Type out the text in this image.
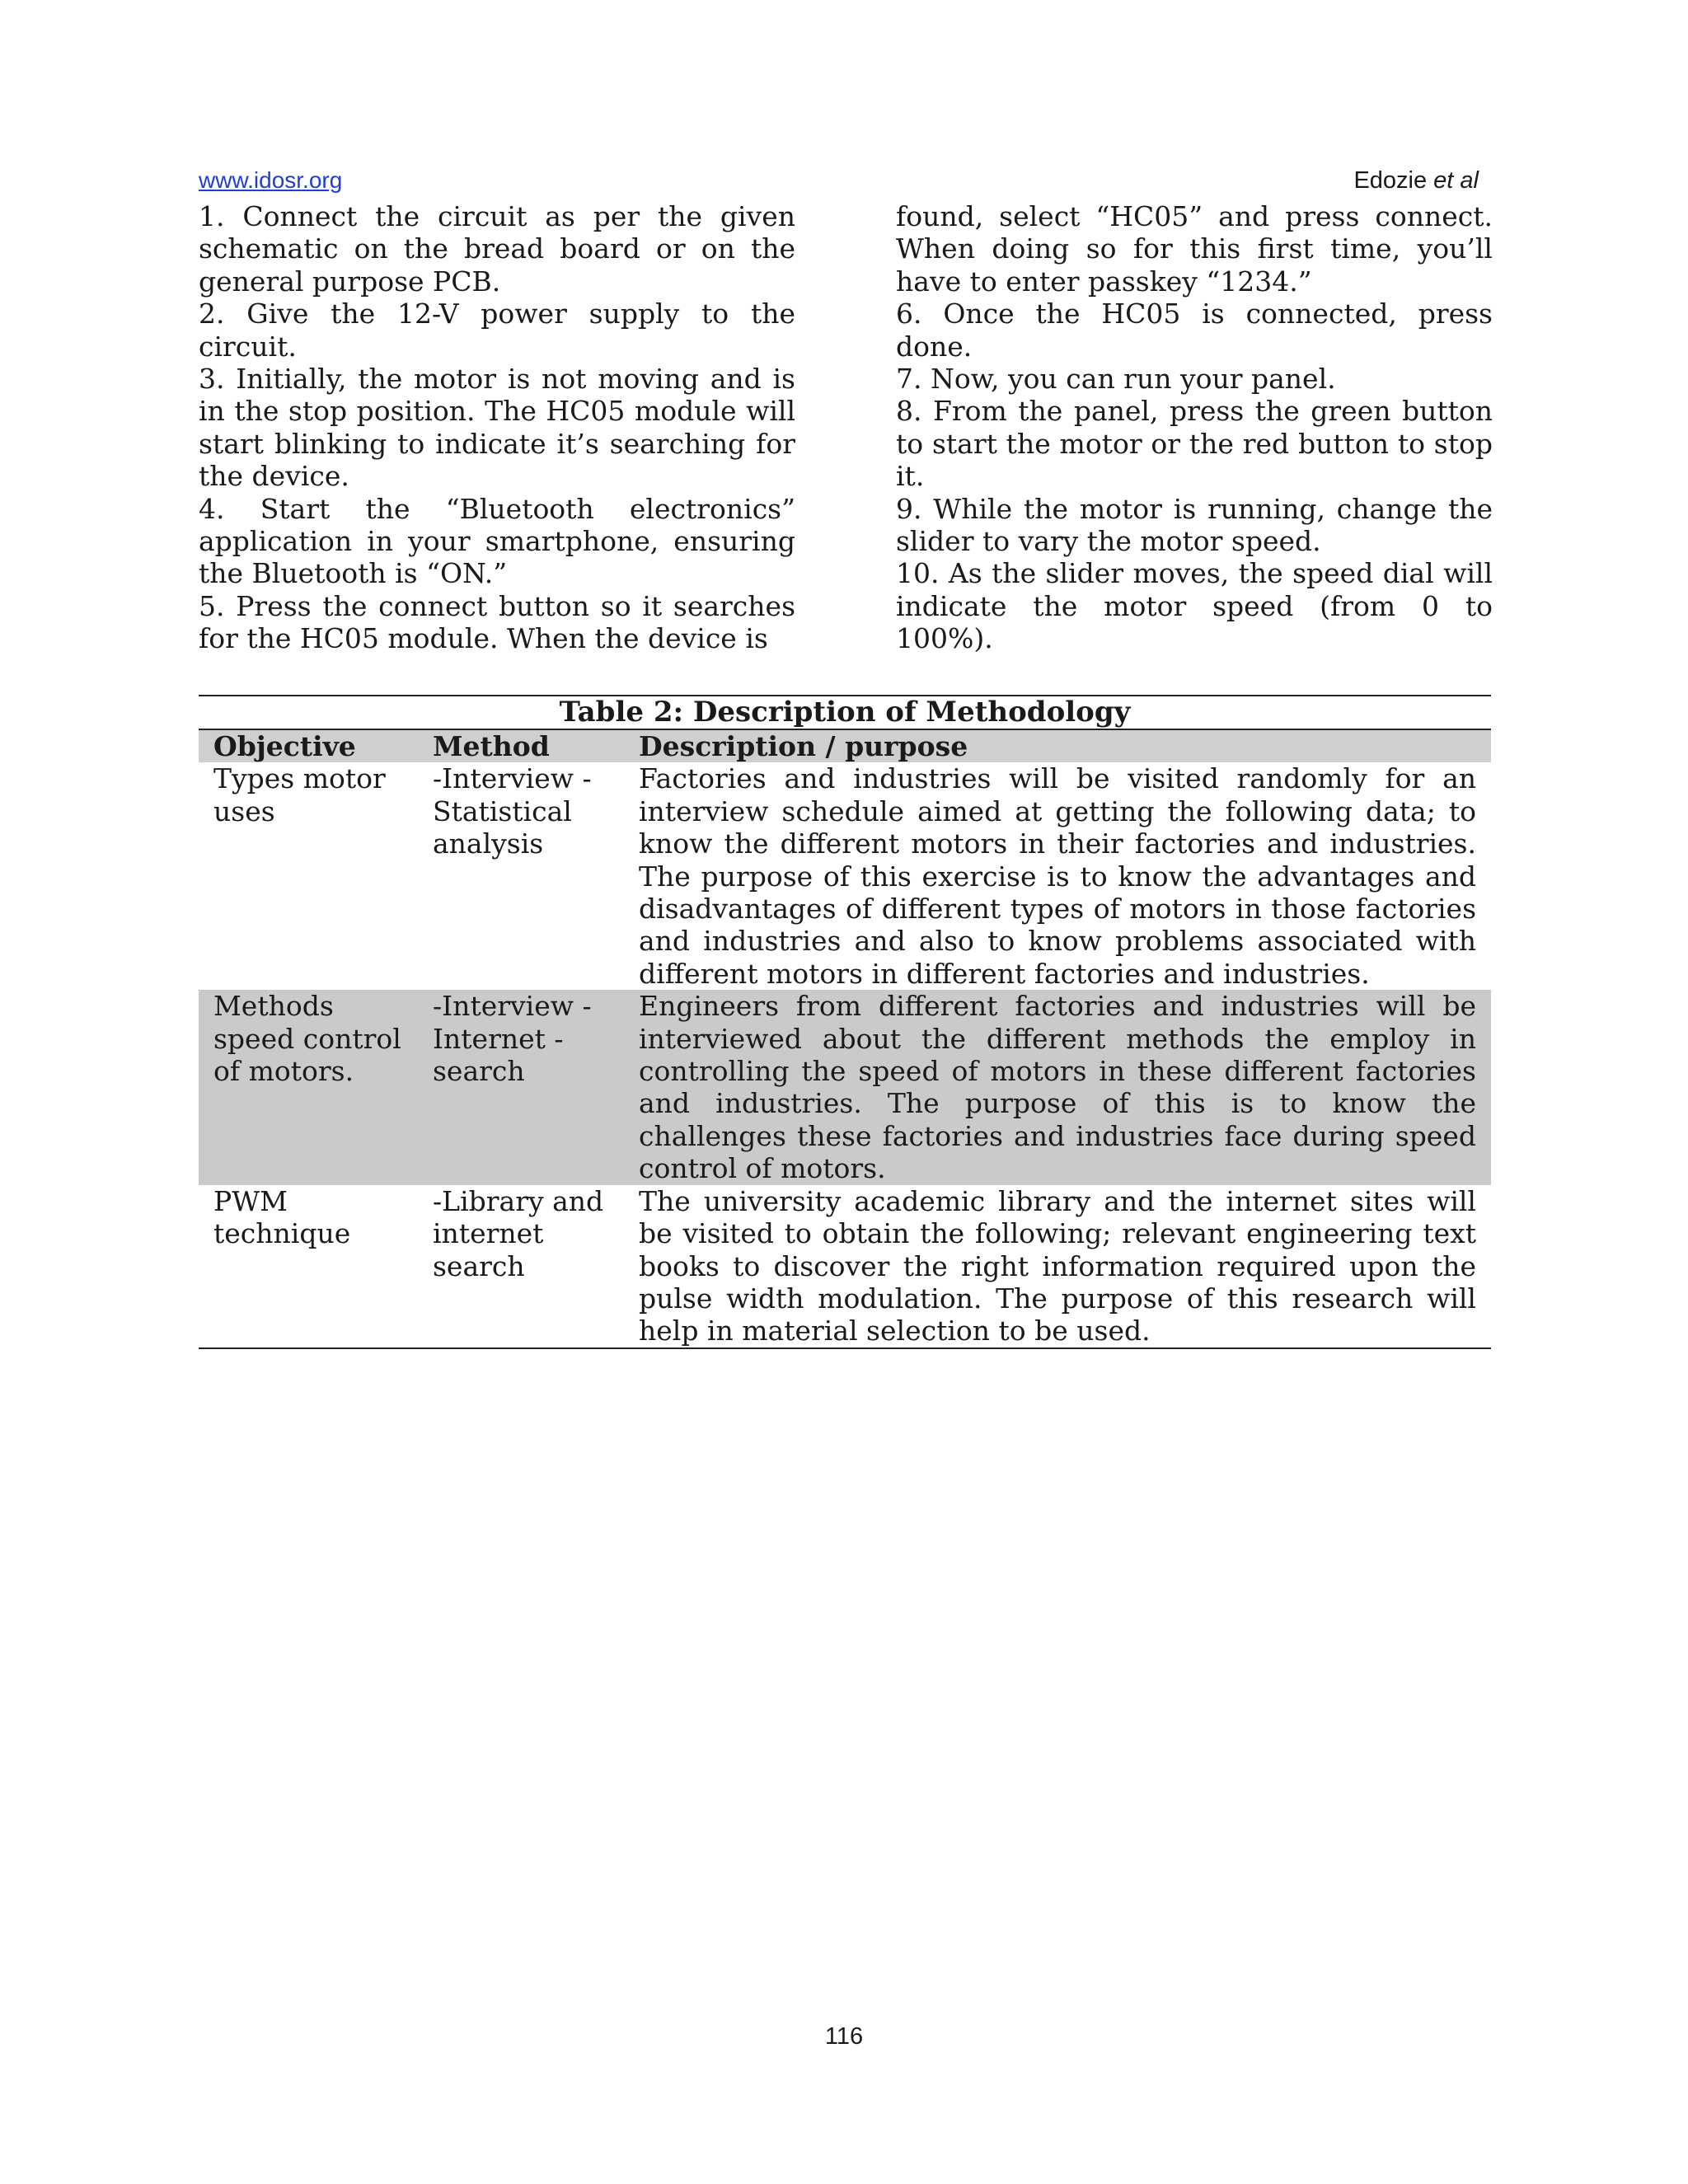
www.idosr.org	Edozie et al

1. Connect the circuit as per the given schematic on the bread board or on the general purpose PCB.

2. Give the 12-V power supply to the circuit.

3. Initially, the motor is not moving and is in the stop position. The HC05 module will start blinking to indicate it’s searching for the device.

4. Start the “Bluetooth electronics” application in your smartphone, ensuring the Bluetooth is “ON.”

5. Press the connect button so it searches for the HC05 module. When the device is

found, select “HC05” and press connect. When doing so for this first time, you’ll have to enter passkey “1234.”

6. Once the HC05 is connected, press done.

7. Now, you can run your panel.

8. From the panel, press the green button to start the motor or the red button to stop it.

9. While the motor is running, change the slider to vary the motor speed.

10. As the slider moves, the speed dial will indicate the motor speed (from 0 to 100%).

Table 2: Description of Methodology
Objective	Method	Description / purpose
Types motor uses	-Interview -Statistical analysis	Factories and industries will be visited randomly for an interview schedule aimed at getting the following data; to know the different motors in their factories and industries. The purpose of this exercise is to know the advantages and disadvantages of different types of motors in those factories and industries and also to know problems associated with different motors in different factories and industries.
Methods speed control of motors.	-Interview -Internet -search	Engineers from different factories and industries will be interviewed about the different methods the employ in controlling the speed of motors in these different factories and industries. The purpose of this is to know the challenges these factories and industries face during speed control of motors.
PWM technique	-Library and internet search	The university academic library and the internet sites will be visited to obtain the following; relevant engineering text books to discover the right information required upon the pulse width modulation. The purpose of this research will help in material selection to be used.
116
